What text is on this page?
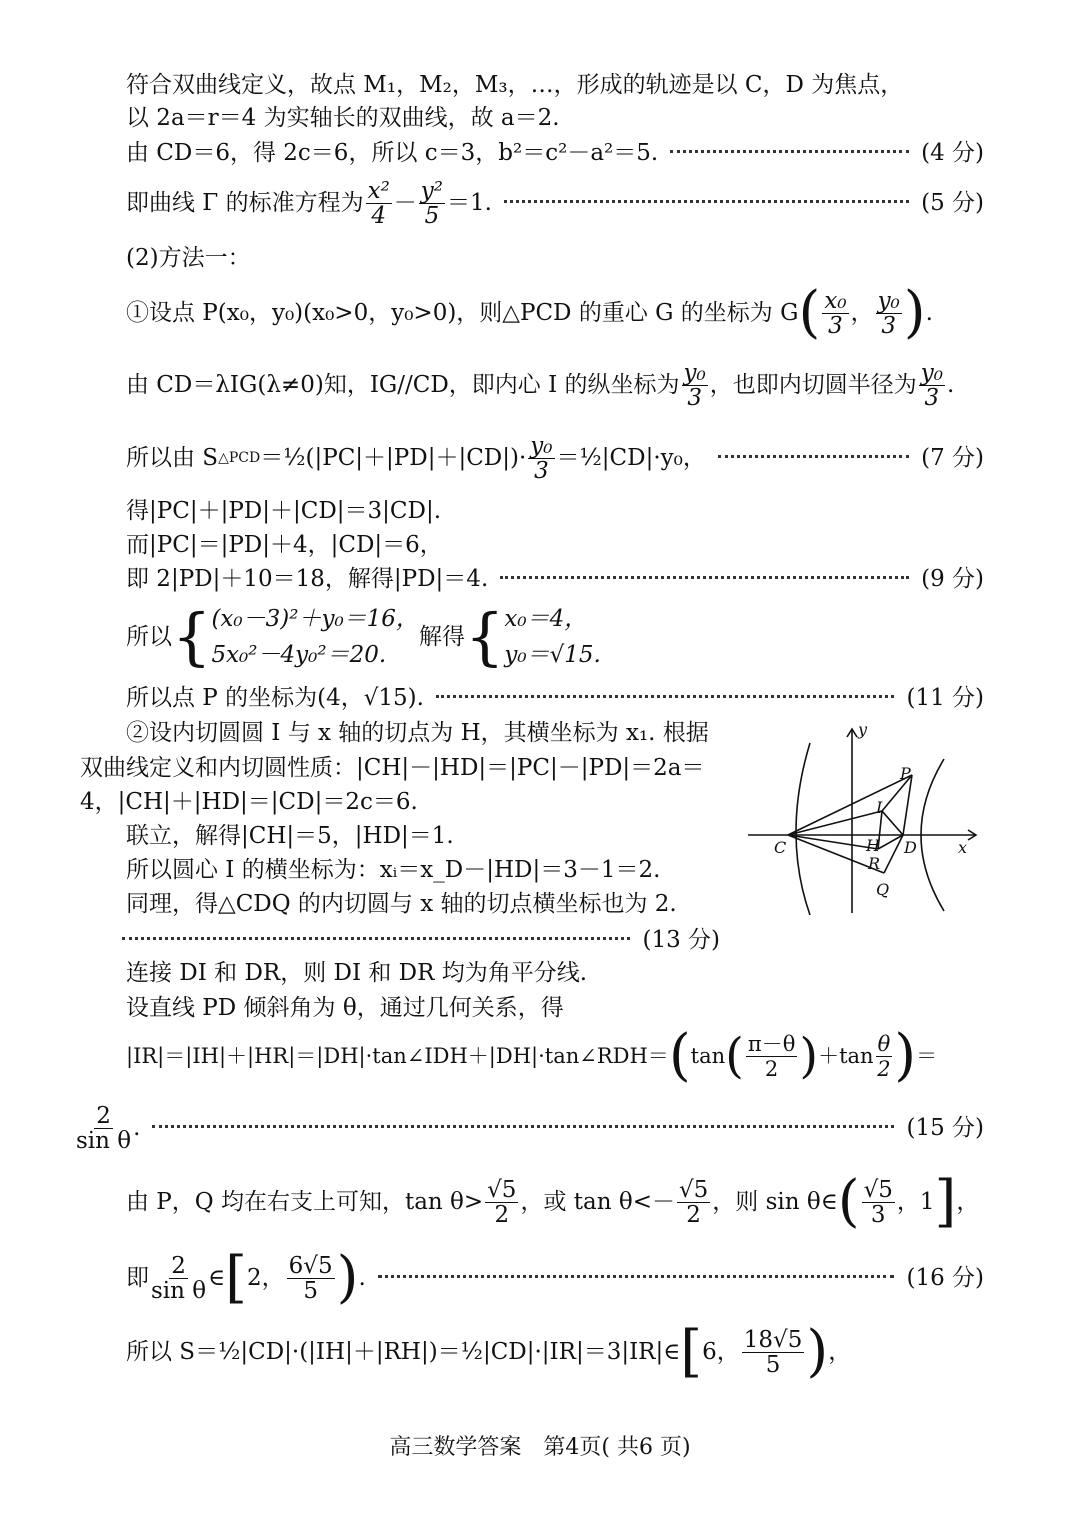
符合双曲线定义，故点 M₁，M₂，M₃，…，形成的轨迹是以 C，D 为焦点，
以 2a＝r＝4 为实轴长的双曲线，故 a＝2.
由 CD＝6，得 2c＝6，所以 c＝3，b²＝c²－a²＝5.	(4 分)
即曲线 Γ 的标准方程为 x²
4 － y²
5 ＝1.	(5 分)
(2)方法一：
①设点 P(x₀，y₀)(x₀>0，y₀>0)，则△PCD 的重心 G 的坐标为 G ( x₀
3 ， y₀
3 ) .
由 CD＝λIG(λ≠0)知，IG//CD，即内心 I 的纵坐标为 y₀
3 ，也即内切圆半径为 y₀
3 .
所以由 S △PCD ＝½(|PC|＋|PD|＋|CD|)· y₀
3 ＝½|CD|·y₀，	(7 分)
得|PC|＋|PD|＋|CD|＝3|CD|.
而|PC|＝|PD|＋4，|CD|＝6，
即 2|PD|＋10＝18，解得|PD|＝4.	(9 分)
所以 { (x₀－3)²＋y₀＝16，
5x₀²－4y₀²＝20.
解得 { x₀＝4，
y₀＝√15.
所以点 P 的坐标为(4，√15).	(11 分)
②设内切圆圆 I 与 x 轴的切点为 H，其横坐标为 x₁. 根据
双曲线定义和内切圆性质：|CH|－|HD|＝|PC|－|PD|＝2a＝
4，|CH|＋|HD|＝|CD|＝2c＝6.
联立，解得|CH|＝5，|HD|＝1.
所以圆心 I 的横坐标为：xᵢ＝x_D－|HD|＝3－1＝2.
同理，得△CDQ 的内切圆与 x 轴的切点横坐标也为 2.
(13 分)
y
x
P
I
H
R
C	D
Q
连接 DI 和 DR，则 DI 和 DR 均为角平分线.
设直线 PD 倾斜角为 θ，通过几何关系，得
|IR|＝|IH|＋|HR|＝|DH|·tan∠IDH＋|DH|·tan∠RDH＝ ( tan ( π－θ
2 ) ＋tan
θ
2 ) ＝
2
sin θ .	(15 分)
由 P，Q 均在右支上可知，tan θ> √5
2 ，或 tan θ<－ √5
2 ，则 sin θ∈ ( √5
3 ， 1 ] ，
即 2
sin θ ∈ [ 2 ， 6√5
5 ) .	(16 分)
所以 S＝½|CD|·(|IH|＋|RH|)＝½|CD|·|IR|＝3|IR|∈ [ 6 ， 18√5
5 ) ，
高三数学答案　第4页( 共6 页)
